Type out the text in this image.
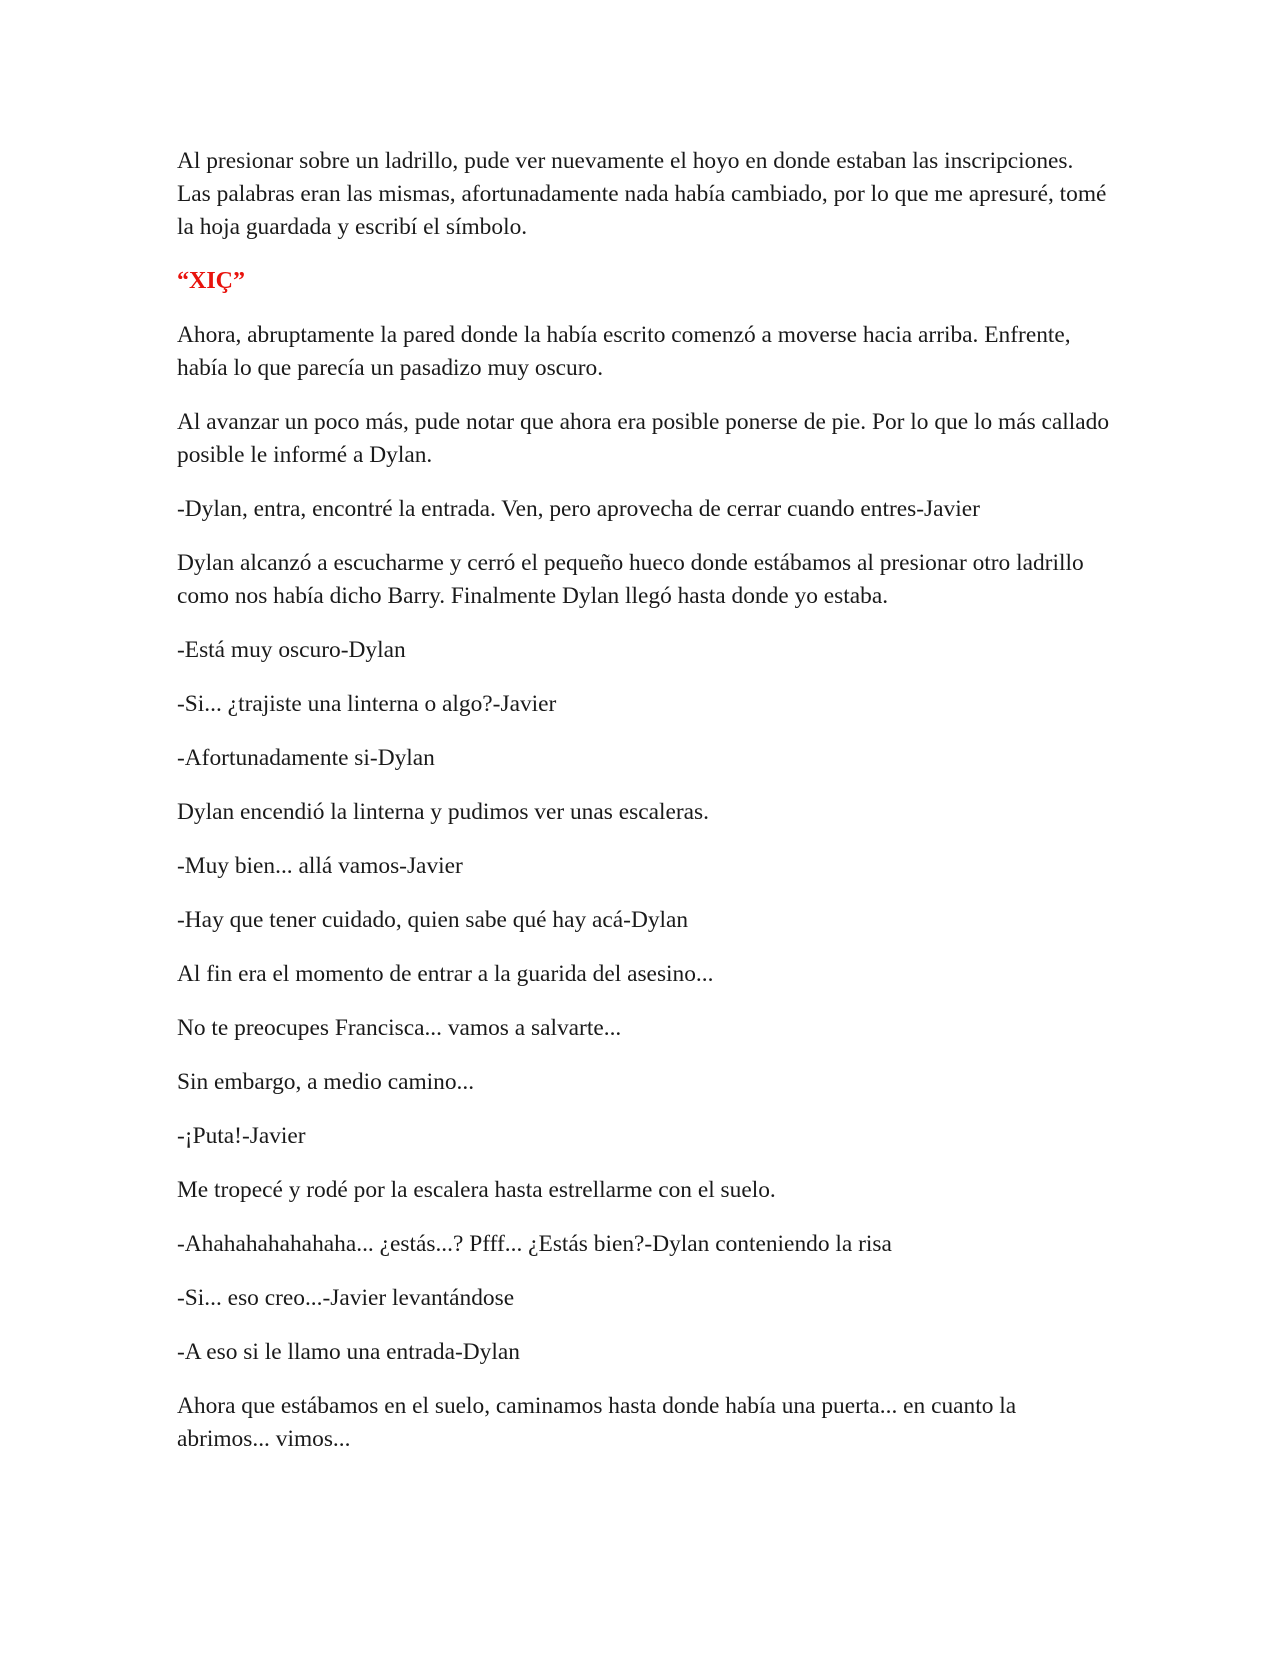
Al presionar sobre un ladrillo, pude ver nuevamente el hoyo en donde estaban las inscripciones. Las palabras eran las mismas, afortunadamente nada había cambiado, por lo que me apresuré, tomé la hoja guardada y escribí el símbolo.

“XIÇ”

Ahora, abruptamente la pared donde la había escrito comenzó a moverse hacia arriba. Enfrente, había lo que parecía un pasadizo muy oscuro.

Al avanzar un poco más, pude notar que ahora era posible ponerse de pie. Por lo que lo más callado posible le informé a Dylan.

-Dylan, entra, encontré la entrada. Ven, pero aprovecha de cerrar cuando entres-Javier

Dylan alcanzó a escucharme y cerró el pequeño hueco donde estábamos al presionar otro ladrillo como nos había dicho Barry. Finalmente Dylan llegó hasta donde yo estaba.

-Está muy oscuro-Dylan

-Si... ¿trajiste una linterna o algo?-Javier

-Afortunadamente si-Dylan

Dylan encendió la linterna y pudimos ver unas escaleras.

-Muy bien... allá vamos-Javier

-Hay que tener cuidado, quien sabe qué hay acá-Dylan

Al fin era el momento de entrar a la guarida del asesino...

No te preocupes Francisca... vamos a salvarte...

Sin embargo, a medio camino...

-¡Puta!-Javier

Me tropecé y rodé por la escalera hasta estrellarme con el suelo.

-Ahahahahahahaha... ¿estás...? Pfff... ¿Estás bien?-Dylan conteniendo la risa

-Si... eso creo...-Javier levantándose

-A eso si le llamo una entrada-Dylan

Ahora que estábamos en el suelo, caminamos hasta donde había una puerta... en cuanto la abrimos... vimos...
